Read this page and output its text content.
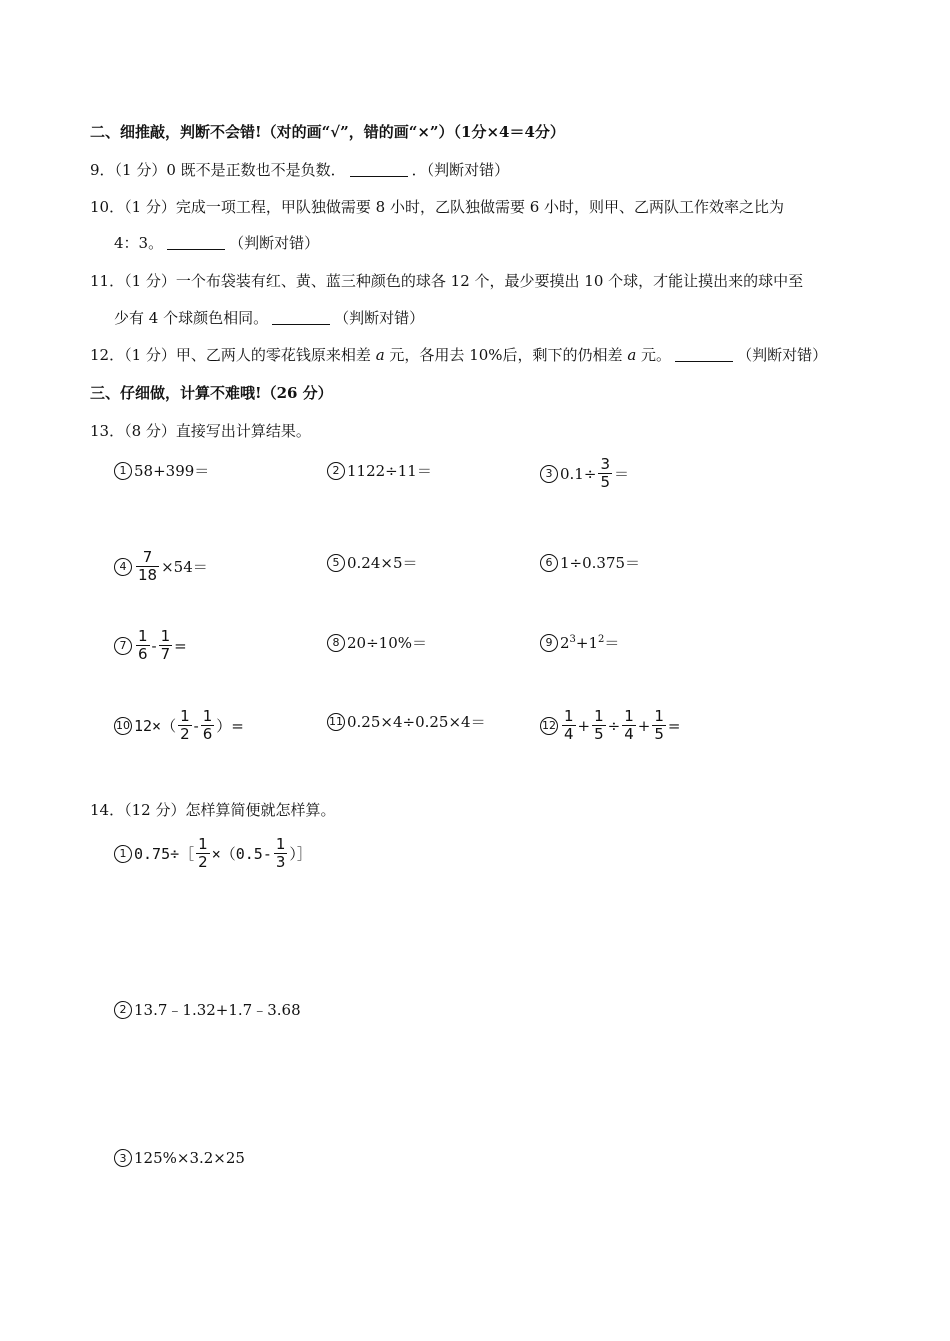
二、细推敲，判断不会错!（对的画“√”，错的画“×”）（1分×4＝4分）
9．（1 分）0 既不是正数也不是负数．	．（判断对错）
10．（1 分）完成一项工程，甲队独做需要 8 小时，乙队独做需要 6 小时，则甲、乙两队工作效率之比为
4：3。	（判断对错）
11．（1 分）一个布袋装有红、黄、蓝三种颜色的球各 12 个，最少要摸出 10 个球，才能让摸出来的球中至
少有 4 个球颜色相同。	（判断对错）
12．（1 分）甲、乙两人的零花钱原来相差 a 元，各用去 10%后，剩下的仍相差 a 元。	（判断对错）
三、仔细做，计算不难哦!（26 分）
13．（8 分）直接写出计算结果。
1 58+399＝	2 1122÷11＝	3 $0.1\div \frac{3}{5}$ ＝
$4 \frac{7}{18} \times 54=$	5 0.24×5＝	6 1÷0.375＝
$7 \frac{1}{6} - \frac{1}{7}$ =	8 20÷10%＝	9 $2^3+1^2=$
10 $12\times( \frac{1}{2} - \frac{1}{6}$ ）=	11 0.25×4÷0.25×4＝	$12 \frac{1}{4} + \frac{1}{5} \div \frac{1}{4} + \frac{1}{5}$ =
14．（12 分）怎样算简便就怎样算。
1 0.75÷［ $\frac{1}{2} \times(0.5- \frac{1}{3}$ ）］
2 13.7﹣1.32+1.7﹣3.68
3 125%×3.2×25
